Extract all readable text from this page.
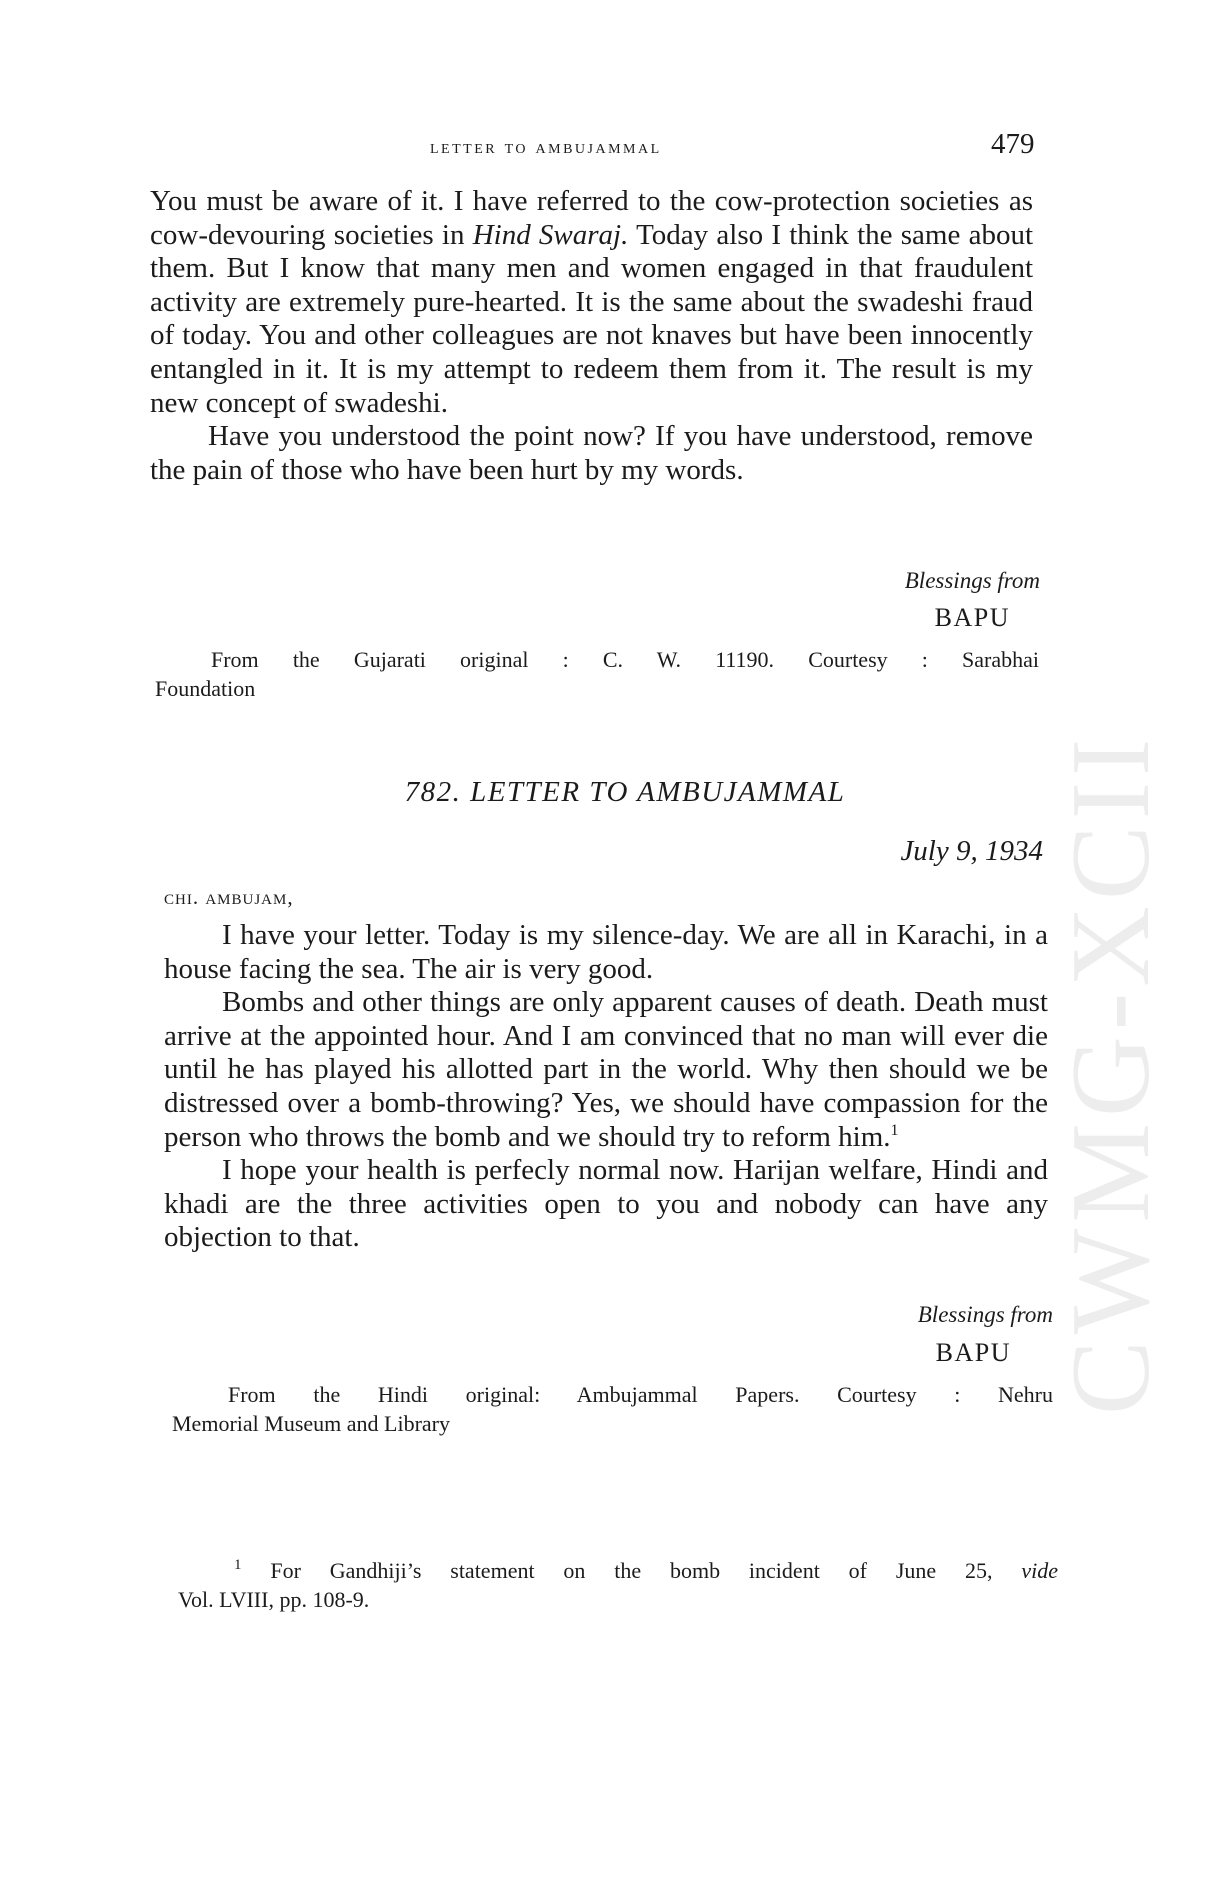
CWMG-XCII
letter to ambujammal	479

You must be aware of it. I have referred to the cow-protection societies as cow-devouring societies in Hind Swaraj. Today also I think the same about them. But I know that many men and women engaged in that fraudulent activity are extremely pure-hearted. It is the same about the swadeshi fraud of today. You and other colleagues are not knaves but have been innocently entangled in it. It is my attempt to redeem them from it. The result is my new concept of swadeshi.

Have you understood the point now? If you have understood, remove the pain of those who have been hurt by my words.

Blessings from
BAPU
From the Gujarati original : C. W. 11190. Courtesy : Sarabhai
Foundation
782. LETTER TO AMBUJAMMAL
July 9, 1934
chi. ambujam,

I have your letter. Today is my silence-day. We are all in Karachi, in a house facing the sea. The air is very good.

Bombs and other things are only apparent causes of death. Death must arrive at the appointed hour. And I am convinced that no man will ever die until he has played his allotted part in the world. Why then should we be distressed over a bomb-throwing? Yes, we should have compassion for the person who throws the bomb and we should try to reform him.$^1$

I hope your health is perfecly normal now. Harijan welfare, Hindi and khadi are the three activities open to you and nobody can have any objection to that.

Blessings from
BAPU
From the Hindi original: Ambujammal Papers. Courtesy : Nehru
Memorial Museum and Library
$^1$ For Gandhiji’s statement on the bomb incident of June 25, vide
Vol. LVIII, pp. 108-9.
